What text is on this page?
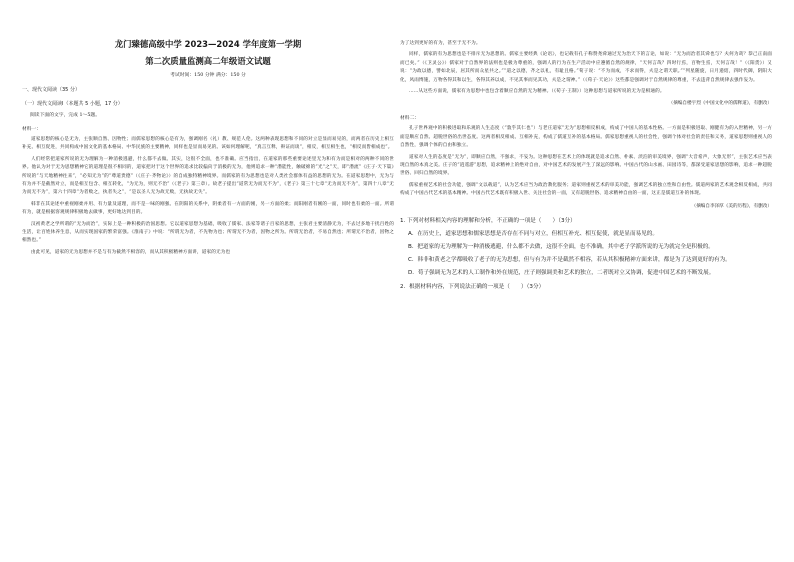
龙门臻德高级中学 2023—2024 学年度第一学期
第二次质量监测高二年级语文试题
考试时间：150 分钟 满分：150 分
一、现代文阅读（35 分）
（一）现代文阅读Ⅰ（本题共 5 小题，17 分）
阅读下面的文字，完成 1～5题。
材料一：

道家思想的核心是无为，主张顺自然、因物性；而儒家思想的核心是有为，强调刚名（礼）教、规范人伦。这两种表现思想和不同的对立是显而易见的，而两者在历史上相互补充、相互促进，共同构成中国文化的基本格局、中华民族的主要精神，同样也是显而易见的。该如何理解呢，“真言互释，辩证而谈”，相反，相互相生也，“相反而皆相成也”。

人们经常把道家所说的无为理解为一种消极逃避，什么都不去做。其实，这很不全面，也不准确。应当指出，在道家的那些重要论述里无为和有为而是相对的两种不同的世界。他认为对于无为思想精神它的道理是很不相同的，道家把对于这个世界的追求比较偏向于消极的无为，他则追求一种“潜能性，触破绵的”光“之”天，即“潜流”《庄子·天下篇》所说的“与天地精神往来”，“必知无为”的“尊道贵德”（《庄子·齐物论》）的自成独特精神境界。而儒家的有为思想也是对人类社会群体有益的思想的无为。在道家思想中，无为与有为并不是截然对立，而是相互包含、相互转化，“为无为，则无不治”（《老子》第三章）。故老子提出“道常无为而无不为”，《老子》第三十七章“无为而无不为”，第四十八章“无为而无不为”，第六十四章“为者败之，执者失之”，“是以圣人无为故无败，无执故无失”。

韩非在其论述中重视刚柔并用、有力量及道理，而不是一味的刚强。在阴阳的关系中，阴柔者有一方面的刚，另一方面的柔；而阳刚者有刚的一面，同时也有柔的一面。所谓有为，就是根据客观规律积极地去做事，更好地达到目的。

汉初黄老之学所谓的“无为而治”，实际上是一种积极的治国思想。它以道家思想为基础，吸收了儒家、法家等诸子百家的思想，主张君主要清静无为，不去过多地干扰百姓的生活，让百姓休养生息，从而实现国家的繁荣富强。《淮南子》中说：“所谓无为者，不先物为也；所谓无不为者，因物之所为。所谓无治者，不易自然也；所谓无不治者，因物之相然也。”

由此可见，道家的无为思想并不是与有为截然不相容的，而从其积极精神方面讲，道家的无为也

为了达到更好的有为，甚至于无不为。

同样，儒家的有为思想也是不排斥无为思想的。儒家主要经典《论语》，也记载有孔子称赞尧舜通过无为治天下的言论，如说：“无为而治者其舜也与？夫何为哉？恭己正南面而已矣。”（《卫灵公》）儒家对于自然界的法则也是极为尊重的，强调人的行为在生产活动中应遵循自然的规律，“天何言哉？四时行焉，百物生焉，天何言哉！”（《阳货》）又说：“为政以德，譬如北辰，居其所而众星共之。”“道之以德，齐之以礼，有耻且格。”荀子说：“不为而成，不求而得，夫是之谓天职。”“列星随旋，日月递炤，四时代御，阴阳大化，风雨博施，万物各得其和以生，各得其养以成，不见其事而见其功，夫是之谓神。”（《荀子·天论》）这些都是强调对于自然规律的尊重，不去违背自然规律去强作妄为。

……从这些方面说，儒家有为思想中也包含着顺应自然的无为精神。（《荀子·王制》）这种思想与道家所说的无为是相通的。

（摘编自楼宇烈《中国文化中的儒释道》，有删改）
材料二：

孔子世界观中的积极进取和乐观的人生态度（“敦乎其仁也”）与老庄道家“无为”思想相反相成，构成了中国人的基本性格。一方面是积极进取、刚健有为的入世精神，另一方面是顺应自然、超脱世俗的出世态度。这两者相反相成、互相补充，构成了儒道互补的基本格局。儒家思想重视人的社会性，强调个体对社会的责任和义务，道家思想则重视人的自然性，强调个体的自由和独立。

道家对人生的态度是“无为”，即顺应自然，不强求，不妄为。这种思想在艺术上的体现就是追求自然、朴素、淡泊的审美境界，强调“大音希声，大象无形”，主张艺术应当表现自然的本真之美。庄子的“逍遥游”思想，追求精神上的绝对自由，对中国艺术的发展产生了深远的影响。中国古代的山水画、田园诗等，都深受道家思想的影响，追求一种超脱世俗、回归自然的境界。

儒家重视艺术的社会功能，强调“文以载道”，认为艺术应当为政治教化服务；道家则重视艺术的审美功能，强调艺术的独立性和自由性。儒道两家的艺术观念相反相成，共同构成了中国古代艺术的基本精神。中国古代艺术既有积极入世、关注社会的一面，又有超脱世俗、追求精神自由的一面，这正是儒道互补的体现。

（摘编自李泽厚《美的历程》，有删改）
1. 下列对材料相关内容的理解和分析，不正确的一项是（　　）（3分）
A．在历史上，道家思想和儒家思想是否存在不同与对立，但相互补充、相互促使，就是显而易见的。
B．把道家的无为理解为一种消极逃避，什么都不去做，这很不全面，也不准确，其中老子学派所说的无为就完全是积极的。
C．韩非和黄老之学都吸收了老子的无为思想，但与有为并不是截然不相容，若从其积极精神方面来讲，都是为了达到更好的有为。
D．荀子强调无为艺术的人工制作和外在规范，庄子则强调美和艺术的独立，二者既对立又协调，促进中国艺术的不断发展。
2．根据材料内容，下列说法正确的一项是（　　）（3分）
